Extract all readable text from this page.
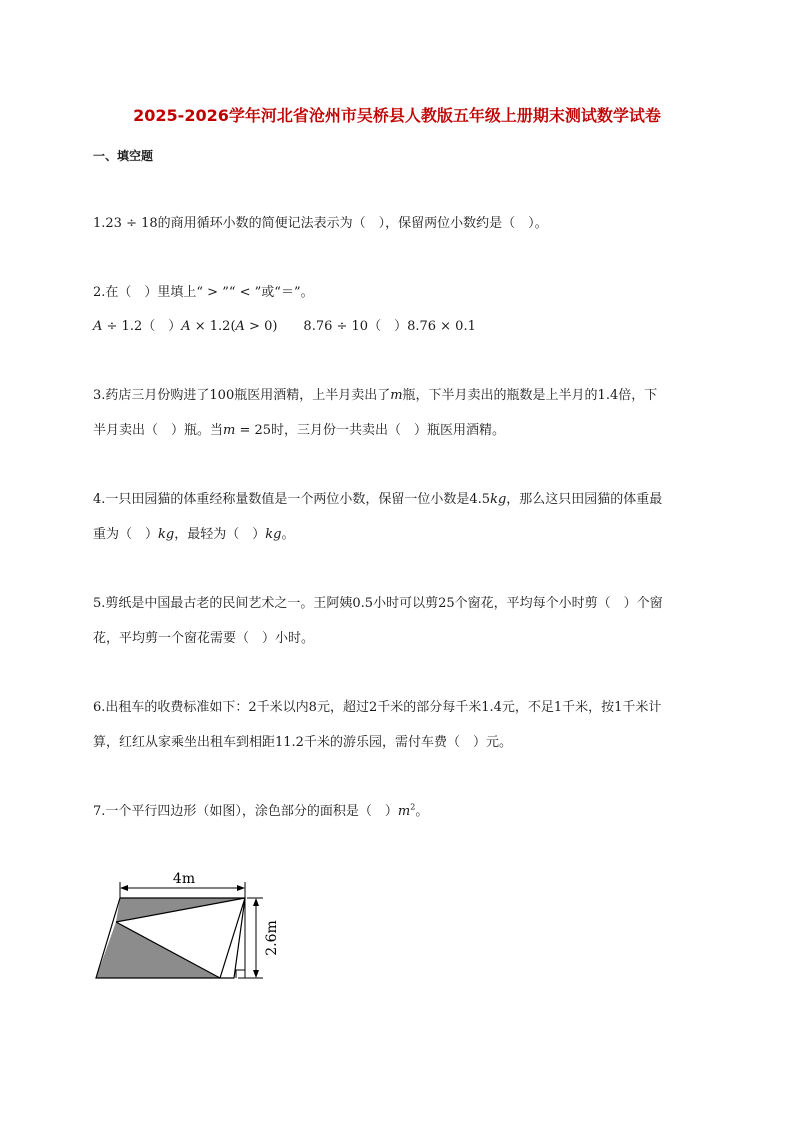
2025-2026学年河北省沧州市吴桥县人教版五年级上册期末测试数学试卷
一、填空题
1.23 ÷ 18的商用循环小数的简便记法表示为（　），保留两位小数约是（　）。
2.在（　）里填上“ > ”“ < ”或“＝”。
A ÷ 1.2（　）A × 1.2(A > 0)　　8.76 ÷ 10（　）8.76 × 0.1
3.药店三月份购进了100瓶医用酒精，上半月卖出了m瓶，下半月卖出的瓶数是上半月的1.4倍，下
半月卖出（　）瓶。当m = 25时，三月份一共卖出（　）瓶医用酒精。
4.一只田园猫的体重经称量数值是一个两位小数，保留一位小数是4.5kg，那么这只田园猫的体重最
重为（　）kg，最轻为（　）kg。
5.剪纸是中国最古老的民间艺术之一。王阿姨0.5小时可以剪25个窗花，平均每个小时剪（　）个窗
花，平均剪一个窗花需要（　）小时。
6.出租车的收费标准如下：2千米以内8元，超过2千米的部分每千米1.4元，不足1千米，按1千米计
算，红红从家乘坐出租车到相距11.2千米的游乐园，需付车费（　）元。
7.一个平行四边形（如图），涂色部分的面积是（　）$m^2$。
4m
2.6m
